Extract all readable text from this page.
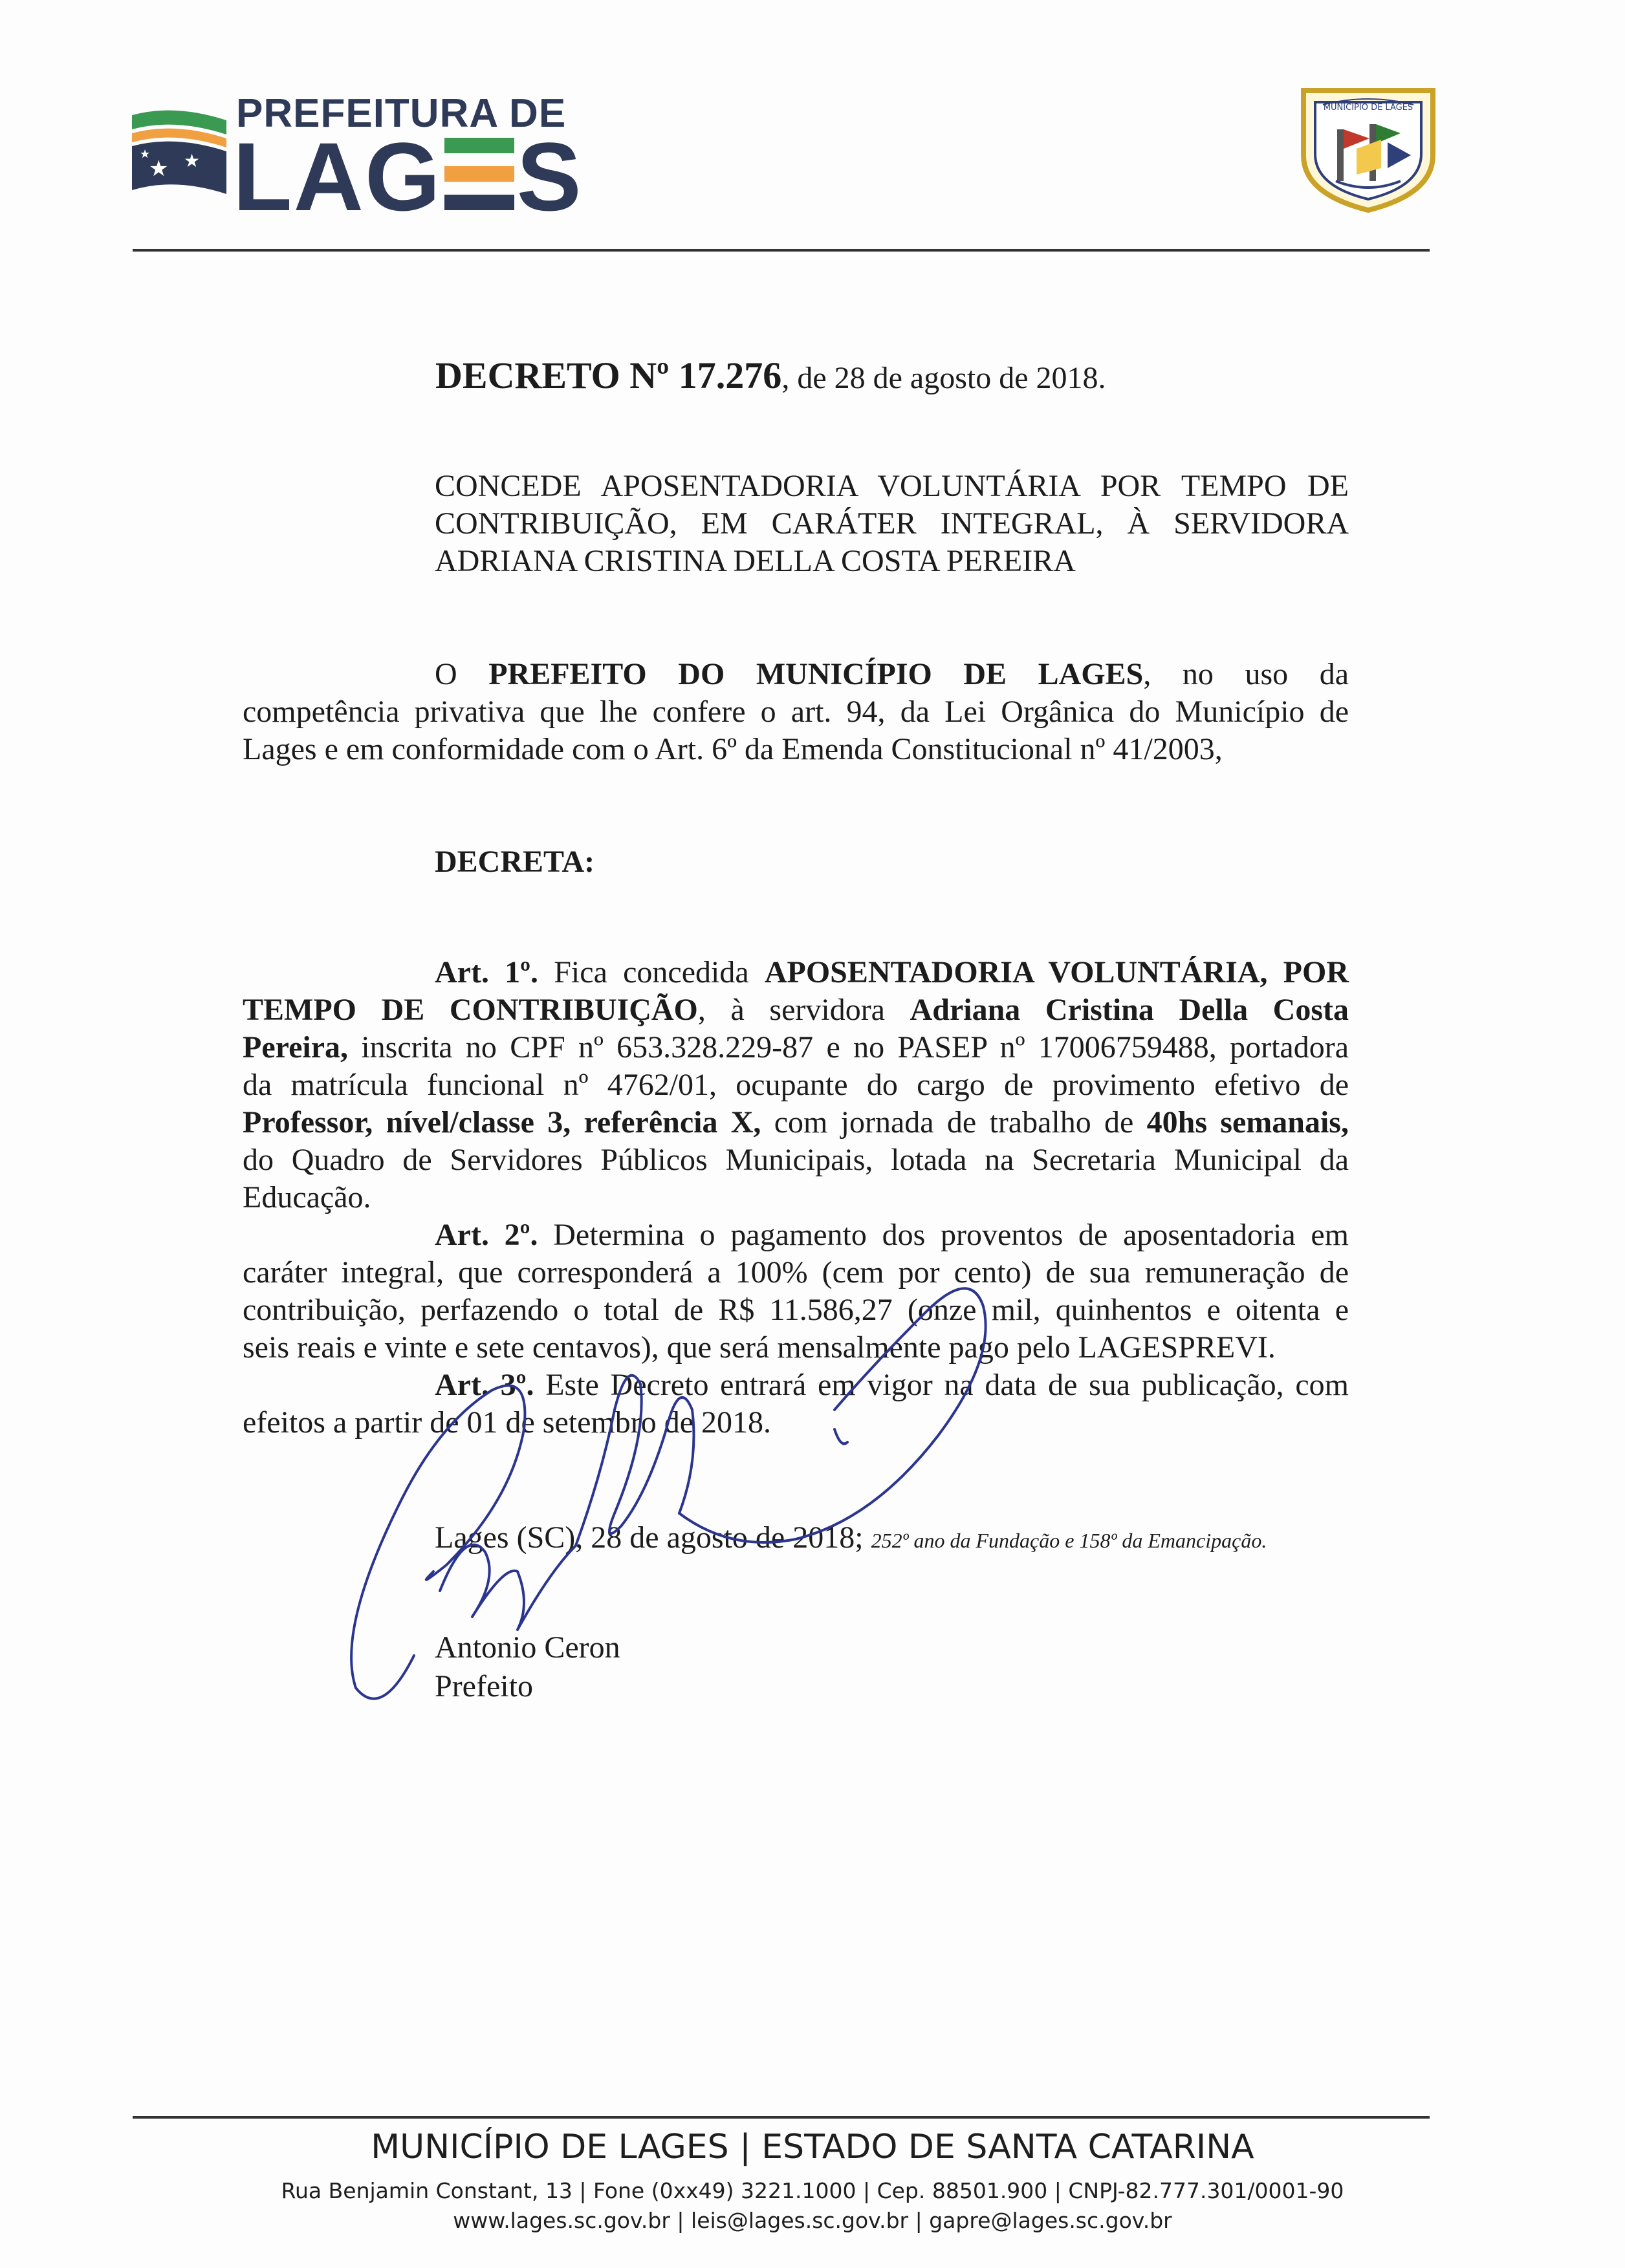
★ ★
★
PREFEITURA DE
LAG S
MUNICÍPIO DE LAGES
DECRETO Nº 17.276, de 28 de agosto de 2018.
CONCEDE APOSENTADORIA VOLUNTÁRIA POR TEMPO DE
CONTRIBUIÇÃO, EM CARÁTER INTEGRAL, À SERVIDORA
ADRIANA CRISTINA DELLA COSTA PEREIRA
O PREFEITO DO MUNICÍPIO DE LAGES, no uso da
competência privativa que lhe confere o art. 94, da Lei Orgânica do Município de
Lages e em conformidade com o Art. 6º da Emenda Constitucional nº 41/2003,
DECRETA:
Art. 1º. Fica concedida APOSENTADORIA VOLUNTÁRIA, POR
TEMPO DE CONTRIBUIÇÃO, à servidora Adriana Cristina Della Costa
Pereira, inscrita no CPF nº 653.328.229-87 e no PASEP nº 17006759488, portadora
da matrícula funcional nº 4762/01, ocupante do cargo de provimento efetivo de
Professor, nível/classe 3, referência X, com jornada de trabalho de 40hs semanais,
do Quadro de Servidores Públicos Municipais, lotada na Secretaria Municipal da
Educação.
Art. 2º. Determina o pagamento dos proventos de aposentadoria em
caráter integral, que corresponderá a 100% (cem por cento) de sua remuneração de
contribuição, perfazendo o total de R$ 11.586,27 (onze mil, quinhentos e oitenta e
seis reais e vinte e sete centavos), que será mensalmente pago pelo LAGESPREVI.
Art. 3º. Este Decreto entrará em vigor na data de sua publicação, com
efeitos a partir de 01 de setembro de 2018.
Lages (SC), 28 de agosto de 2018; 252º ano da Fundação e 158º da Emancipação.
Antonio Ceron
Prefeito
MUNICÍPIO DE LAGES | ESTADO DE SANTA CATARINA
Rua Benjamin Constant, 13 | Fone (0xx49) 3221.1000 | Cep. 88501.900 | CNPJ-82.777.301/0001-90
www.lages.sc.gov.br | leis@lages.sc.gov.br | gapre@lages.sc.gov.br
